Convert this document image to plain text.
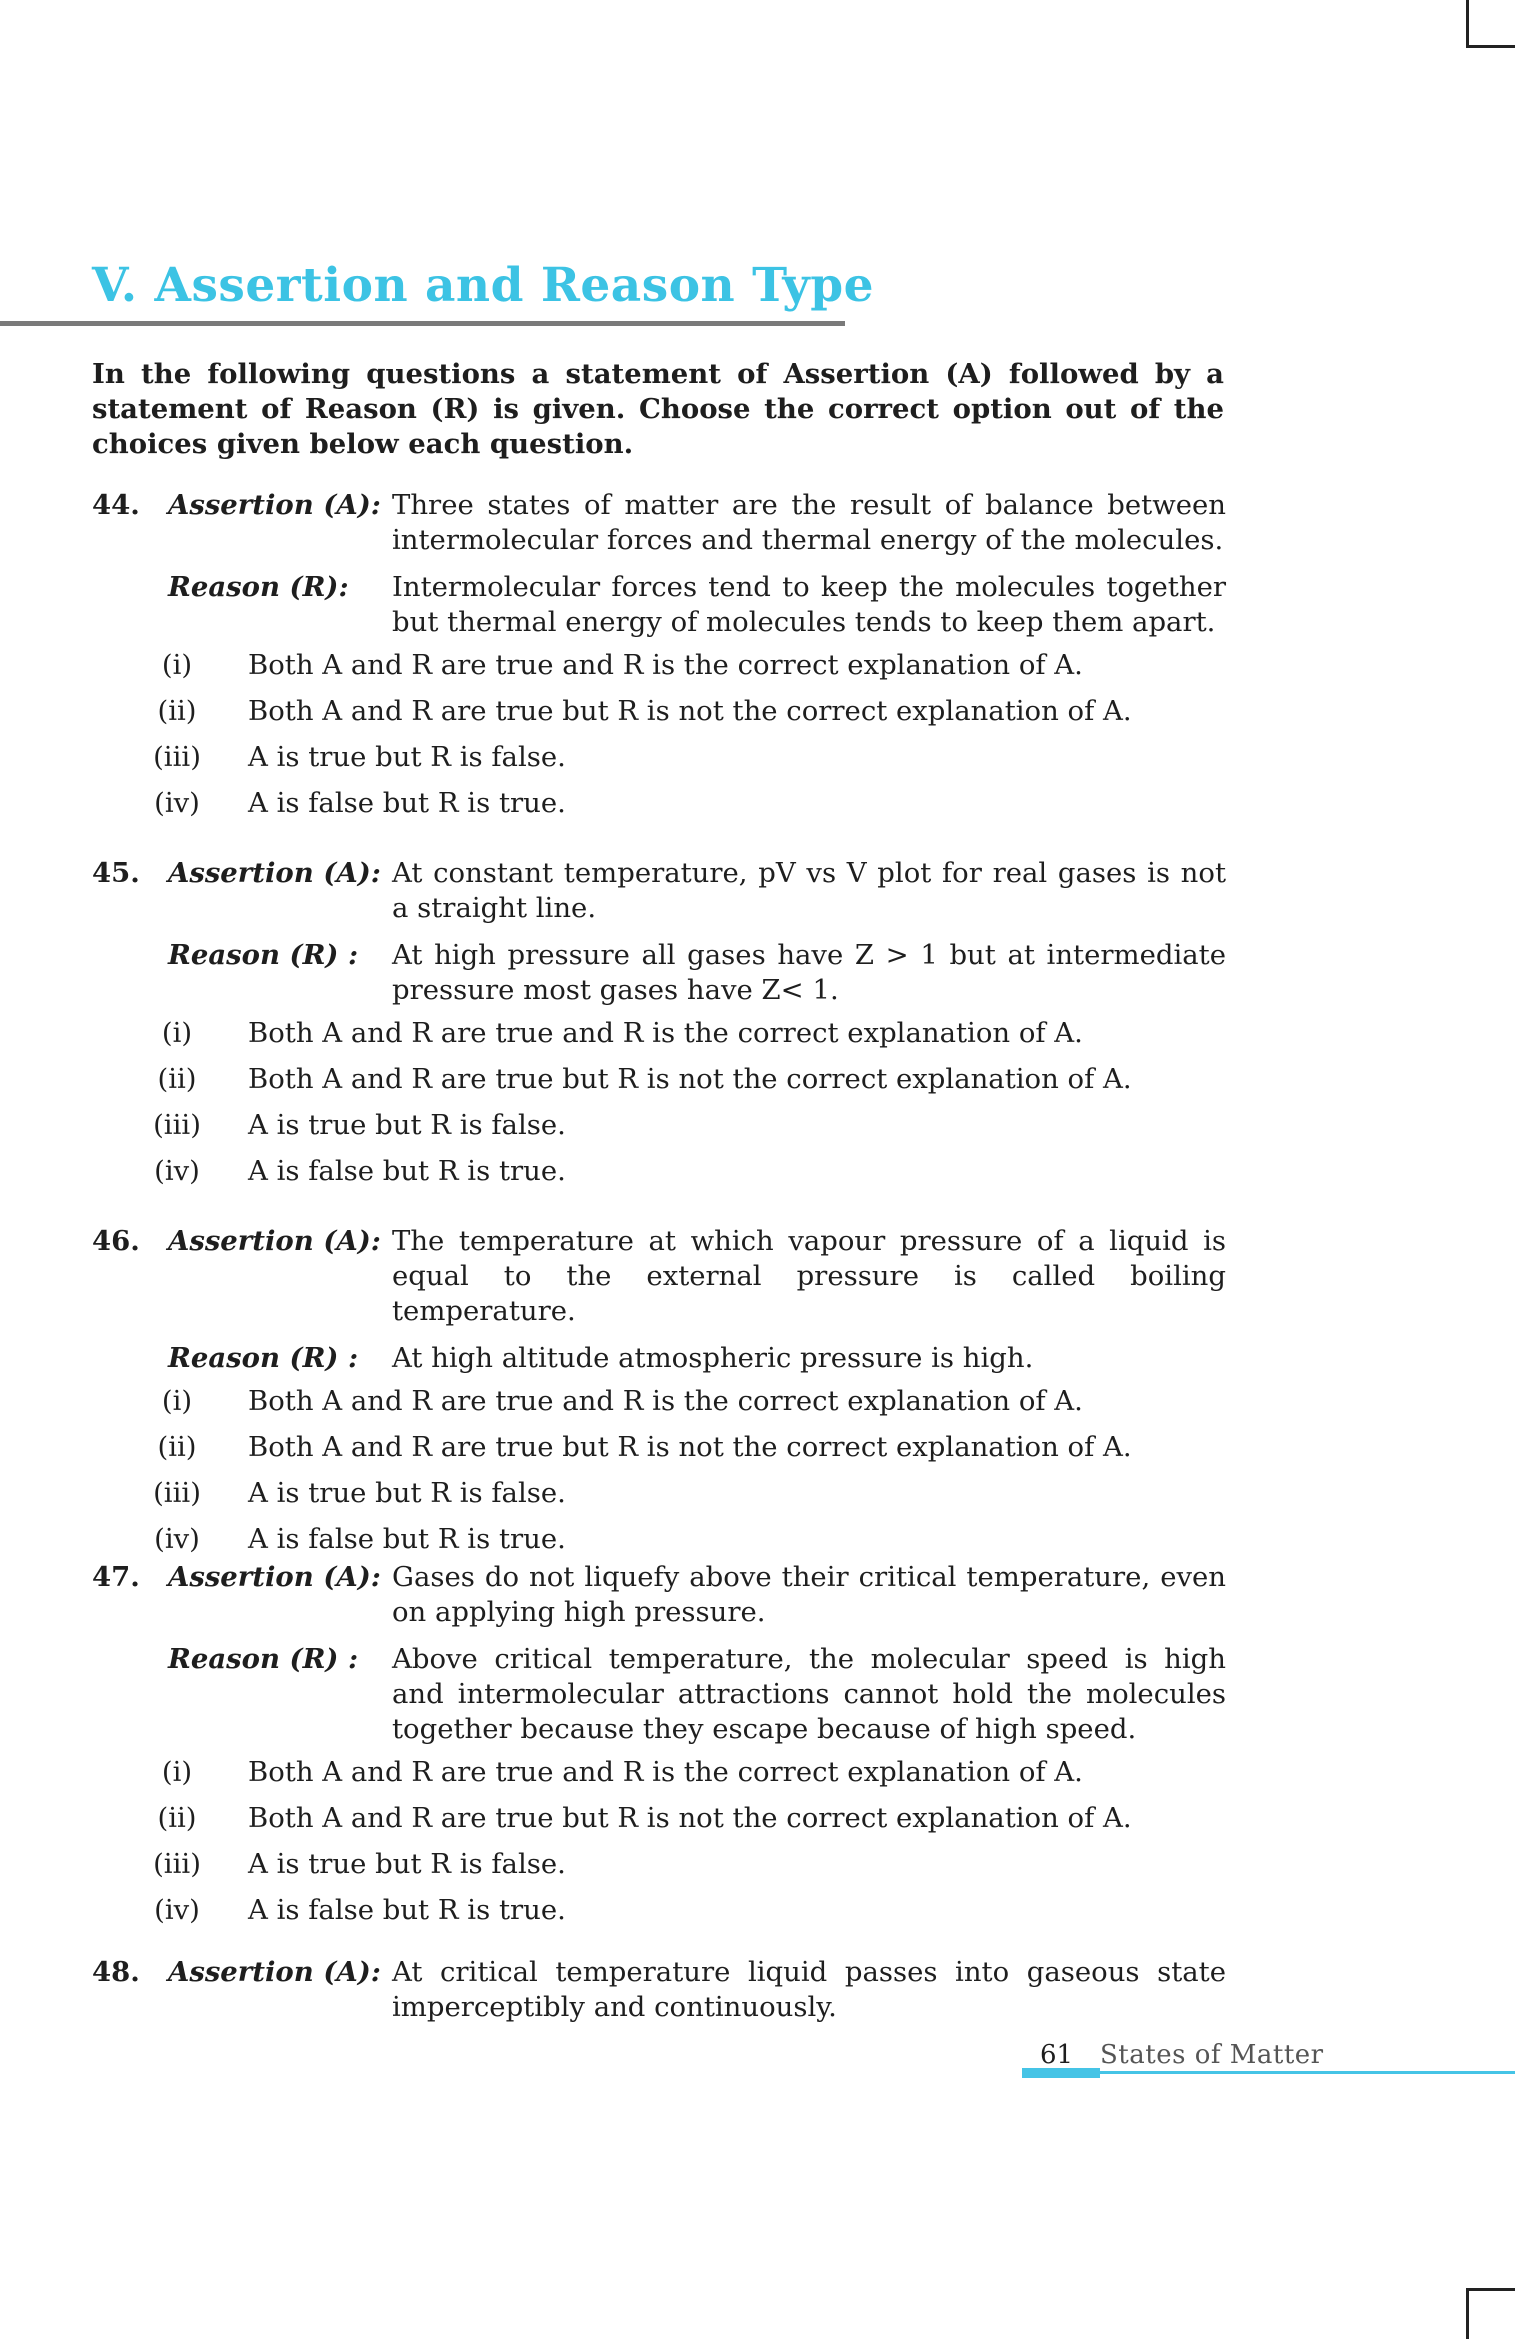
V. Assertion and Reason Type
In the following questions a statement of Assertion (A) followed by a statement of Reason (R) is given. Choose the correct option out of the choices given below each question.
44.	Assertion (A): Three states of matter are the result of balance between intermolecular forces and thermal energy of the molecules.
Reason (R):	Intermolecular forces tend to keep the molecules together but thermal energy of molecules tends to keep them apart.
(i)	Both A and R are true and R is the correct explanation of A.
(ii)	Both A and R are true but R is not the correct explanation of A.
(iii)	A is true but R is false.
(iv)	A is false but R is true.
45.	Assertion (A): At constant temperature, pV vs V plot for real gases is not a straight line.
Reason (R) :	At high pressure all gases have Z > 1 but at intermediate pressure most gases have Z< 1.
(i)	Both A and R are true and R is the correct explanation of A.
(ii)	Both A and R are true but R is not the correct explanation of A.
(iii)	A is true but R is false.
(iv)	A is false but R is true.
46.	Assertion (A): The temperature at which vapour pressure of a liquid is equal to the external pressure is called boiling temperature.
Reason (R) :	At high altitude atmospheric pressure is high.
(i)	Both A and R are true and R is the correct explanation of A.
(ii)	Both A and R are true but R is not the correct explanation of A.
(iii)	A is true but R is false.
(iv)	A is false but R is true.
47.	Assertion (A): Gases do not liquefy above their critical temperature, even on applying high pressure.
Reason (R) :	Above critical temperature, the molecular speed is high and intermolecular attractions cannot hold the molecules together because they escape because of high speed.
(i)	Both A and R are true and R is the correct explanation of A.
(ii)	Both A and R are true but R is not the correct explanation of A.
(iii)	A is true but R is false.
(iv)	A is false but R is true.
48.	Assertion (A): At critical temperature liquid passes into gaseous state imperceptibly and continuously.
61 States of Matter
